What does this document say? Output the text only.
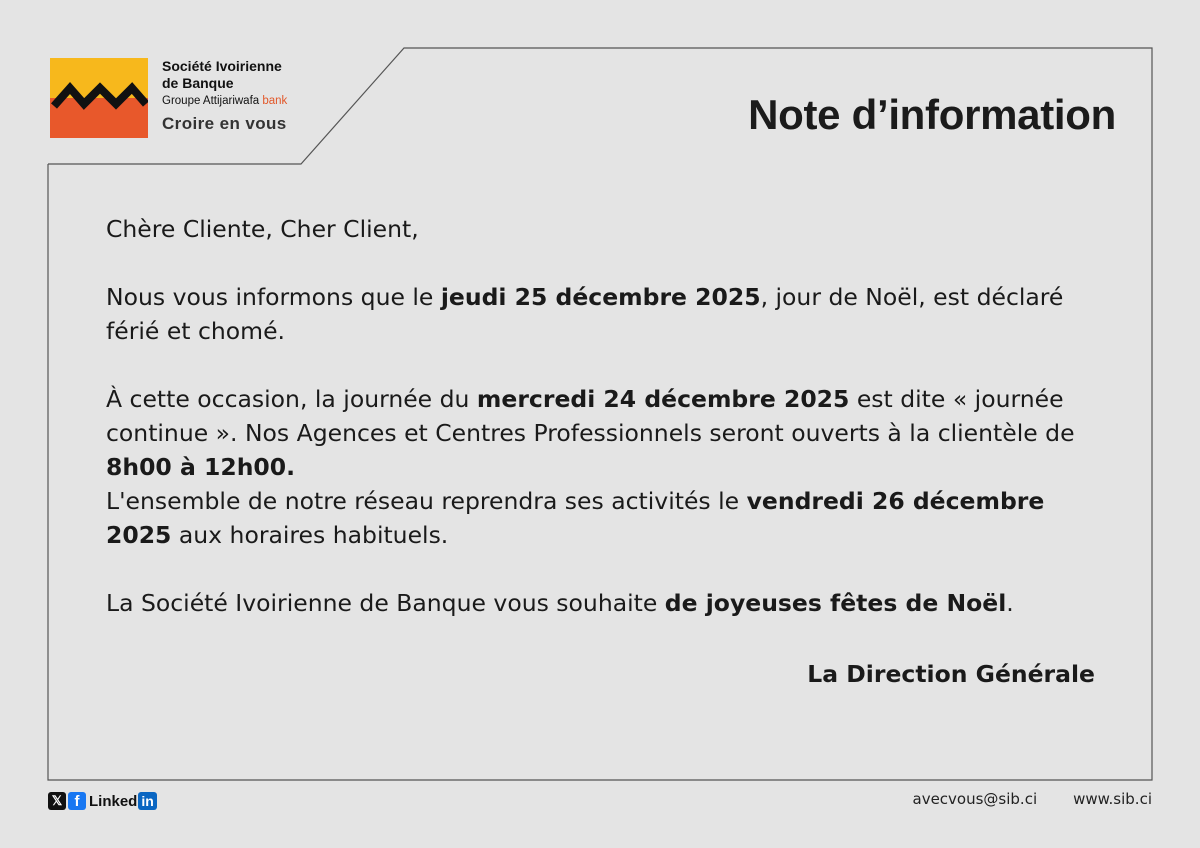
Société Ivoirienne
de Banque
Groupe Attijariwafa bank
Croire en vous	Note d’information

Chère Cliente, Cher Client,

Nous vous informons que le jeudi 25 décembre 2025, jour de Noël, est déclaré férié et chomé.

À cette occasion, la journée du mercredi 24 décembre 2025 est dite « journée continue ». Nos Agences et Centres Professionnels seront ouverts à la clientèle de 8h00 à 12h00.

L'ensemble de notre réseau reprendra ses activités le vendredi 26 décembre 2025 aux horaires habituels.

La Société Ivoirienne de Banque vous souhaite de joyeuses fêtes de Noël.

La Direction Générale
𝕏 f Linked in	avecvous@sib.ci www.sib.ci
